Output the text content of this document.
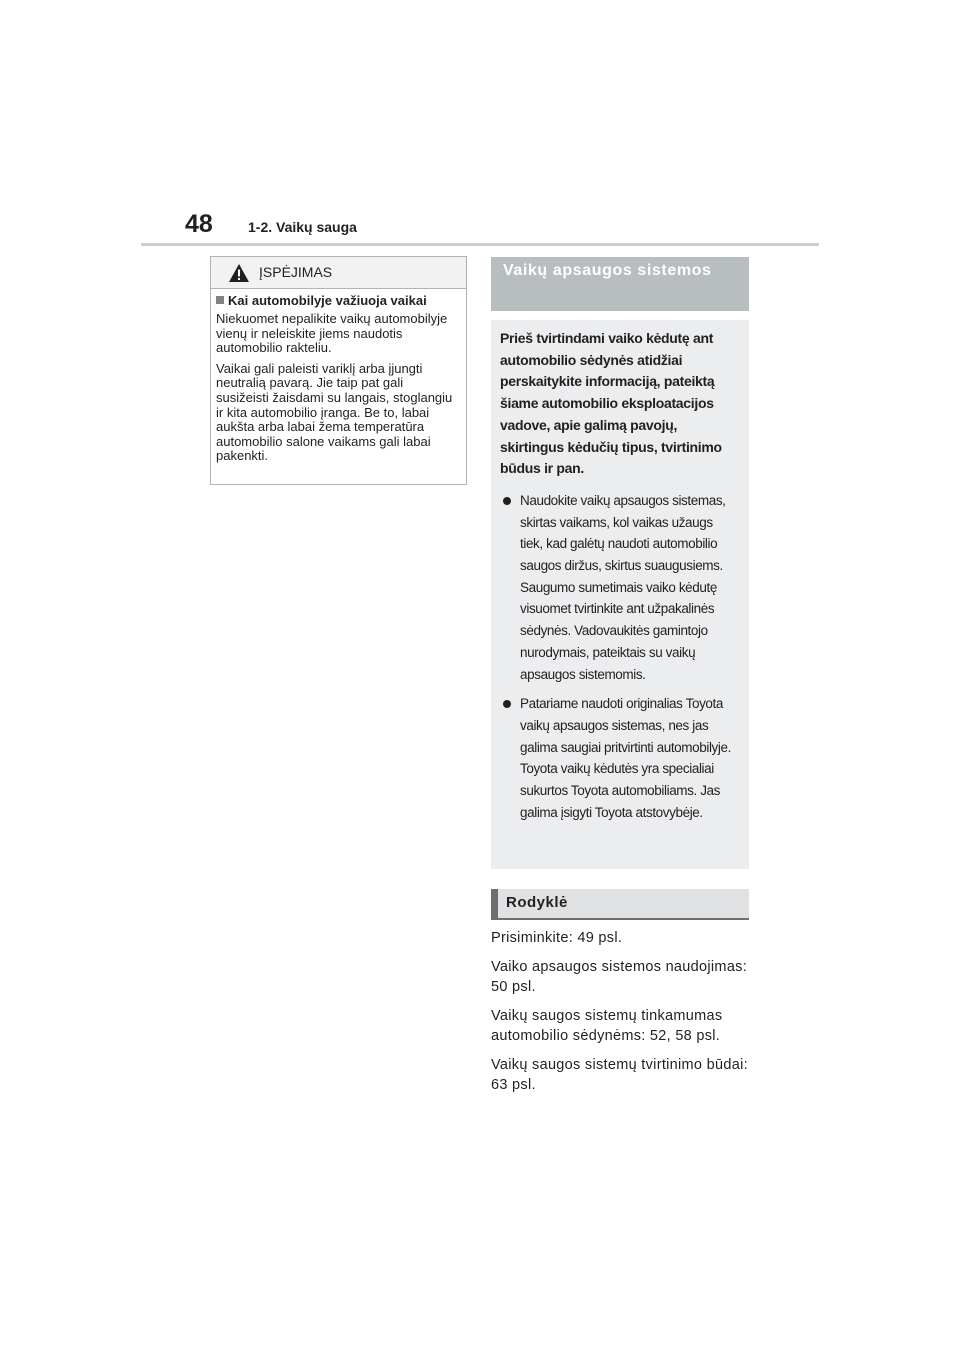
48	1-2. Vaikų sauga
ĮSPĖJIMAS
Kai automobilyje važiuoja vaikai

Niekuomet nepalikite vaikų automobilyje vienų ir neleiskite jiems naudotis automobilio rakteliu.

Vaikai gali paleisti variklį arba įjungti neutralią pavarą. Jie taip pat gali susižeisti žaisdami su langais, stoglangiu ir kita automobilio įranga. Be to, labai aukšta arba labai žema temperatūra automobilio salone vaikams gali labai pakenkti.

Vaikų apsaugos sistemos

Prieš tvirtindami vaiko kėdutę ant automobilio sėdynės atidžiai perskaitykite informaciją, pateiktą šiame automobilio eksploatacijos vadove, apie galimą pavojų, skirtingus kėdučių tipus, tvirtinimo būdus ir pan.

Naudokite vaikų apsaugos sistemas, skirtas vaikams, kol vaikas užaugs tiek, kad galėtų naudoti automobilio saugos diržus, skirtus suaugusiems. Saugumo sumetimais vaiko kėdutę visuomet tvirtinkite ant užpakalinės sėdynės. Vadovaukitės gamintojo nurodymais, pateiktais su vaikų apsaugos sistemomis.
Patariame naudoti originalias Toyota vaikų apsaugos sistemas, nes jas galima saugiai pritvirtinti automobilyje. Toyota vaikų kėdutės yra specialiai sukurtos Toyota automobiliams. Jas galima įsigyti Toyota atstovybėje.
Rodyklė

Prisiminkite: 49 psl.

Vaiko apsaugos sistemos naudojimas: 50 psl.

Vaikų saugos sistemų tinkamumas automobilio sėdynėms: 52, 58 psl.

Vaikų saugos sistemų tvirtinimo būdai: 63 psl.
